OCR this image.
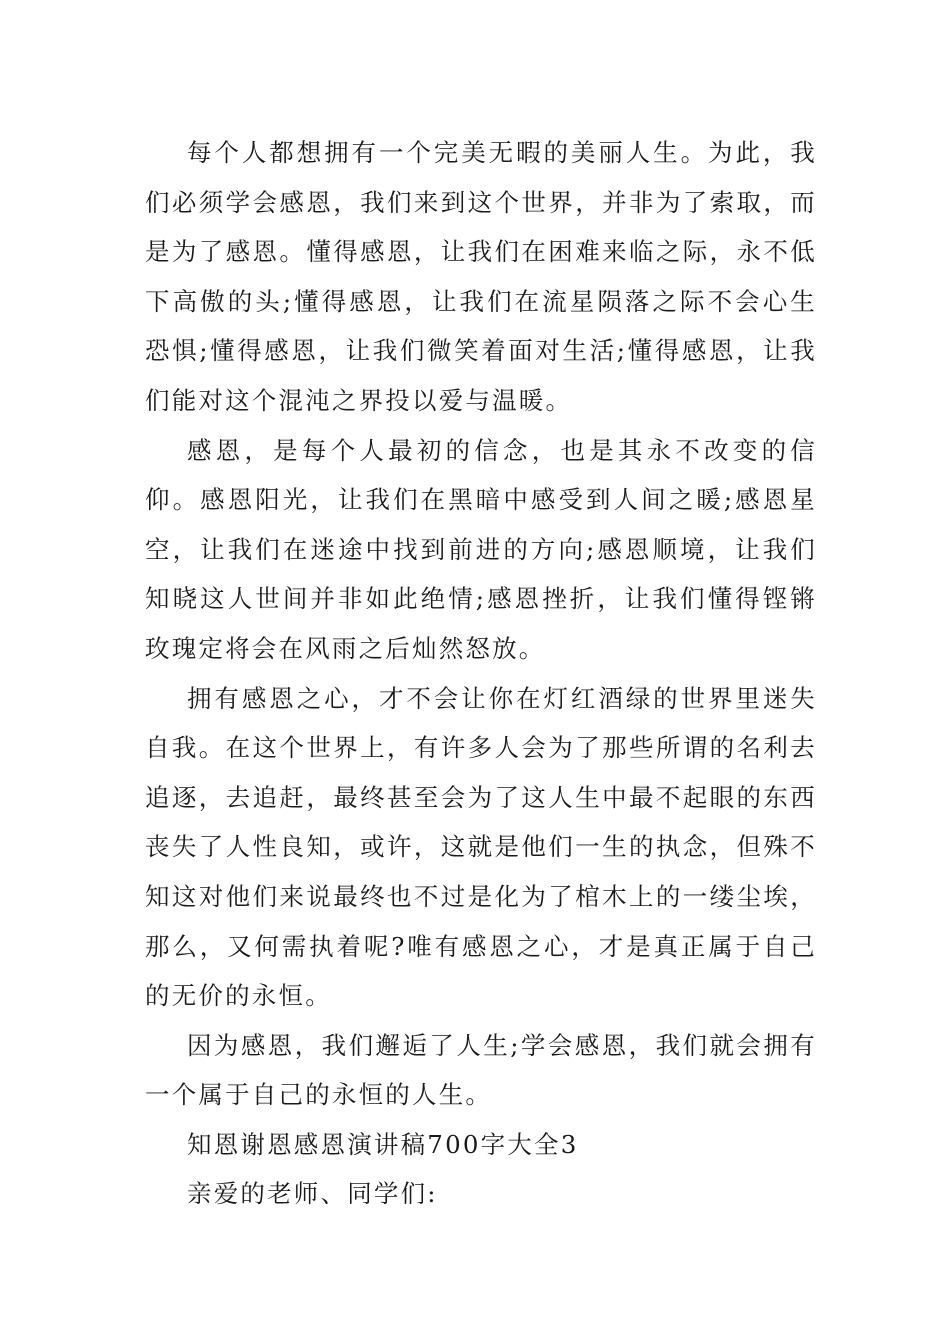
每个人都想拥有一个完美无暇的美丽人生。为此，我们必须学会感恩，我们来到这个世界，并非为了索取，而是为了感恩。懂得感恩，让我们在困难来临之际，永不低下高傲的头;懂得感恩，让我们在流星陨落之际不会心生恐惧;懂得感恩，让我们微笑着面对生活;懂得感恩，让我们能对这个混沌之界投以爱与温暖。

感恩，是每个人最初的信念，也是其永不改变的信仰。感恩阳光，让我们在黑暗中感受到人间之暖;感恩星空，让我们在迷途中找到前进的方向;感恩顺境，让我们知晓这人世间并非如此绝情;感恩挫折，让我们懂得铿锵玫瑰定将会在风雨之后灿然怒放。

拥有感恩之心，才不会让你在灯红酒绿的世界里迷失自我。在这个世界上，有许多人会为了那些所谓的名利去追逐，去追赶，最终甚至会为了这人生中最不起眼的东西丧失了人性良知，或许，这就是他们一生的执念，但殊不知这对他们来说最终也不过是化为了棺木上的一缕尘埃，那么，又何需执着呢?唯有感恩之心，才是真正属于自己的无价的永恒。

因为感恩，我们邂逅了人生;学会感恩，我们就会拥有一个属于自己的永恒的人生。

知恩谢恩感恩演讲稿700字大全3

亲爱的老师、同学们:
